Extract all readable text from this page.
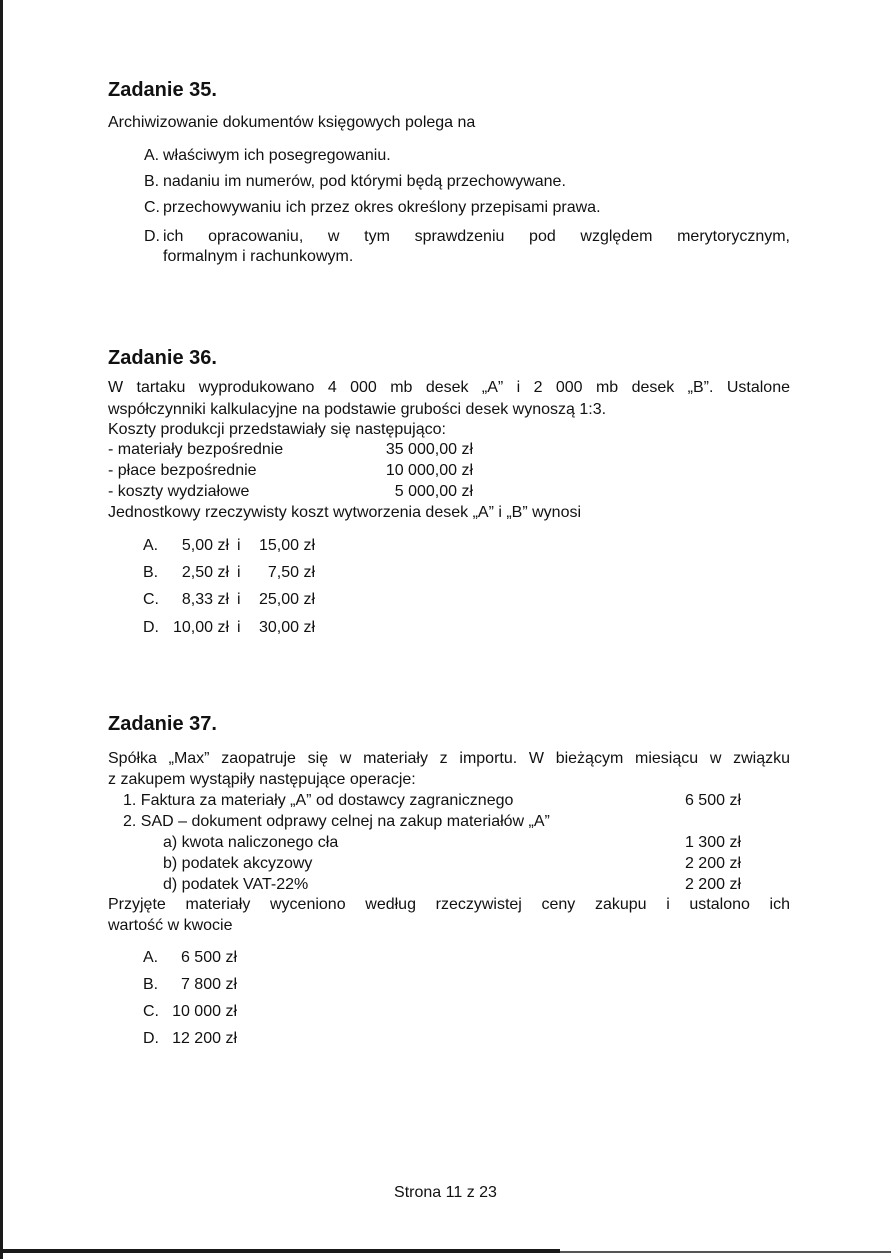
Zadanie 35.
Archiwizowanie dokumentów księgowych polega na
A. właściwym ich posegregowaniu.
B. nadaniu im numerów, pod którymi będą przechowywane.
C. przechowywaniu ich przez okres określony przepisami prawa.
D. ich opracowaniu, w tym sprawdzeniu pod względem merytorycznym,
formalnym i rachunkowym.
Zadanie 36.
W tartaku wyprodukowano 4 000 mb desek „A” i 2 000 mb desek „B”. Ustalone
współczynniki kalkulacyjne na podstawie grubości desek wynoszą 1:3.
Koszty produkcji przedstawiały się następująco:
- materiały bezpośrednie	35 000,00 zł
- płace bezpośrednie	10 000,00 zł
- koszty wydziałowe	5 000,00 zł
Jednostkowy rzeczywisty koszt wytworzenia desek „A” i „B” wynosi
A.	5,00 zł i	15,00 zł
B.	2,50 zł i	7,50 zł
C.	8,33 zł i	25,00 zł
D. 10,00 zł i	30,00 zł
Zadanie 37.
Spółka „Max” zaopatruje się w materiały z importu. W bieżącym miesiącu w związku
z zakupem wystąpiły następujące operacje:
1. Faktura za materiały „A” od dostawcy zagranicznego	6 500 zł
2. SAD – dokument odprawy celnej na zakup materiałów „A”
a) kwota naliczonego cła	1 300 zł
b) podatek akcyzowy	2 200 zł
d) podatek VAT-22%	2 200 zł
Przyjęte materiały wyceniono według rzeczywistej ceny zakupu i ustalono ich
wartość w kwocie
A.	6 500 zł
B.	7 800 zł
C. 10 000 zł
D. 12 200 zł
Strona 11 z 23
